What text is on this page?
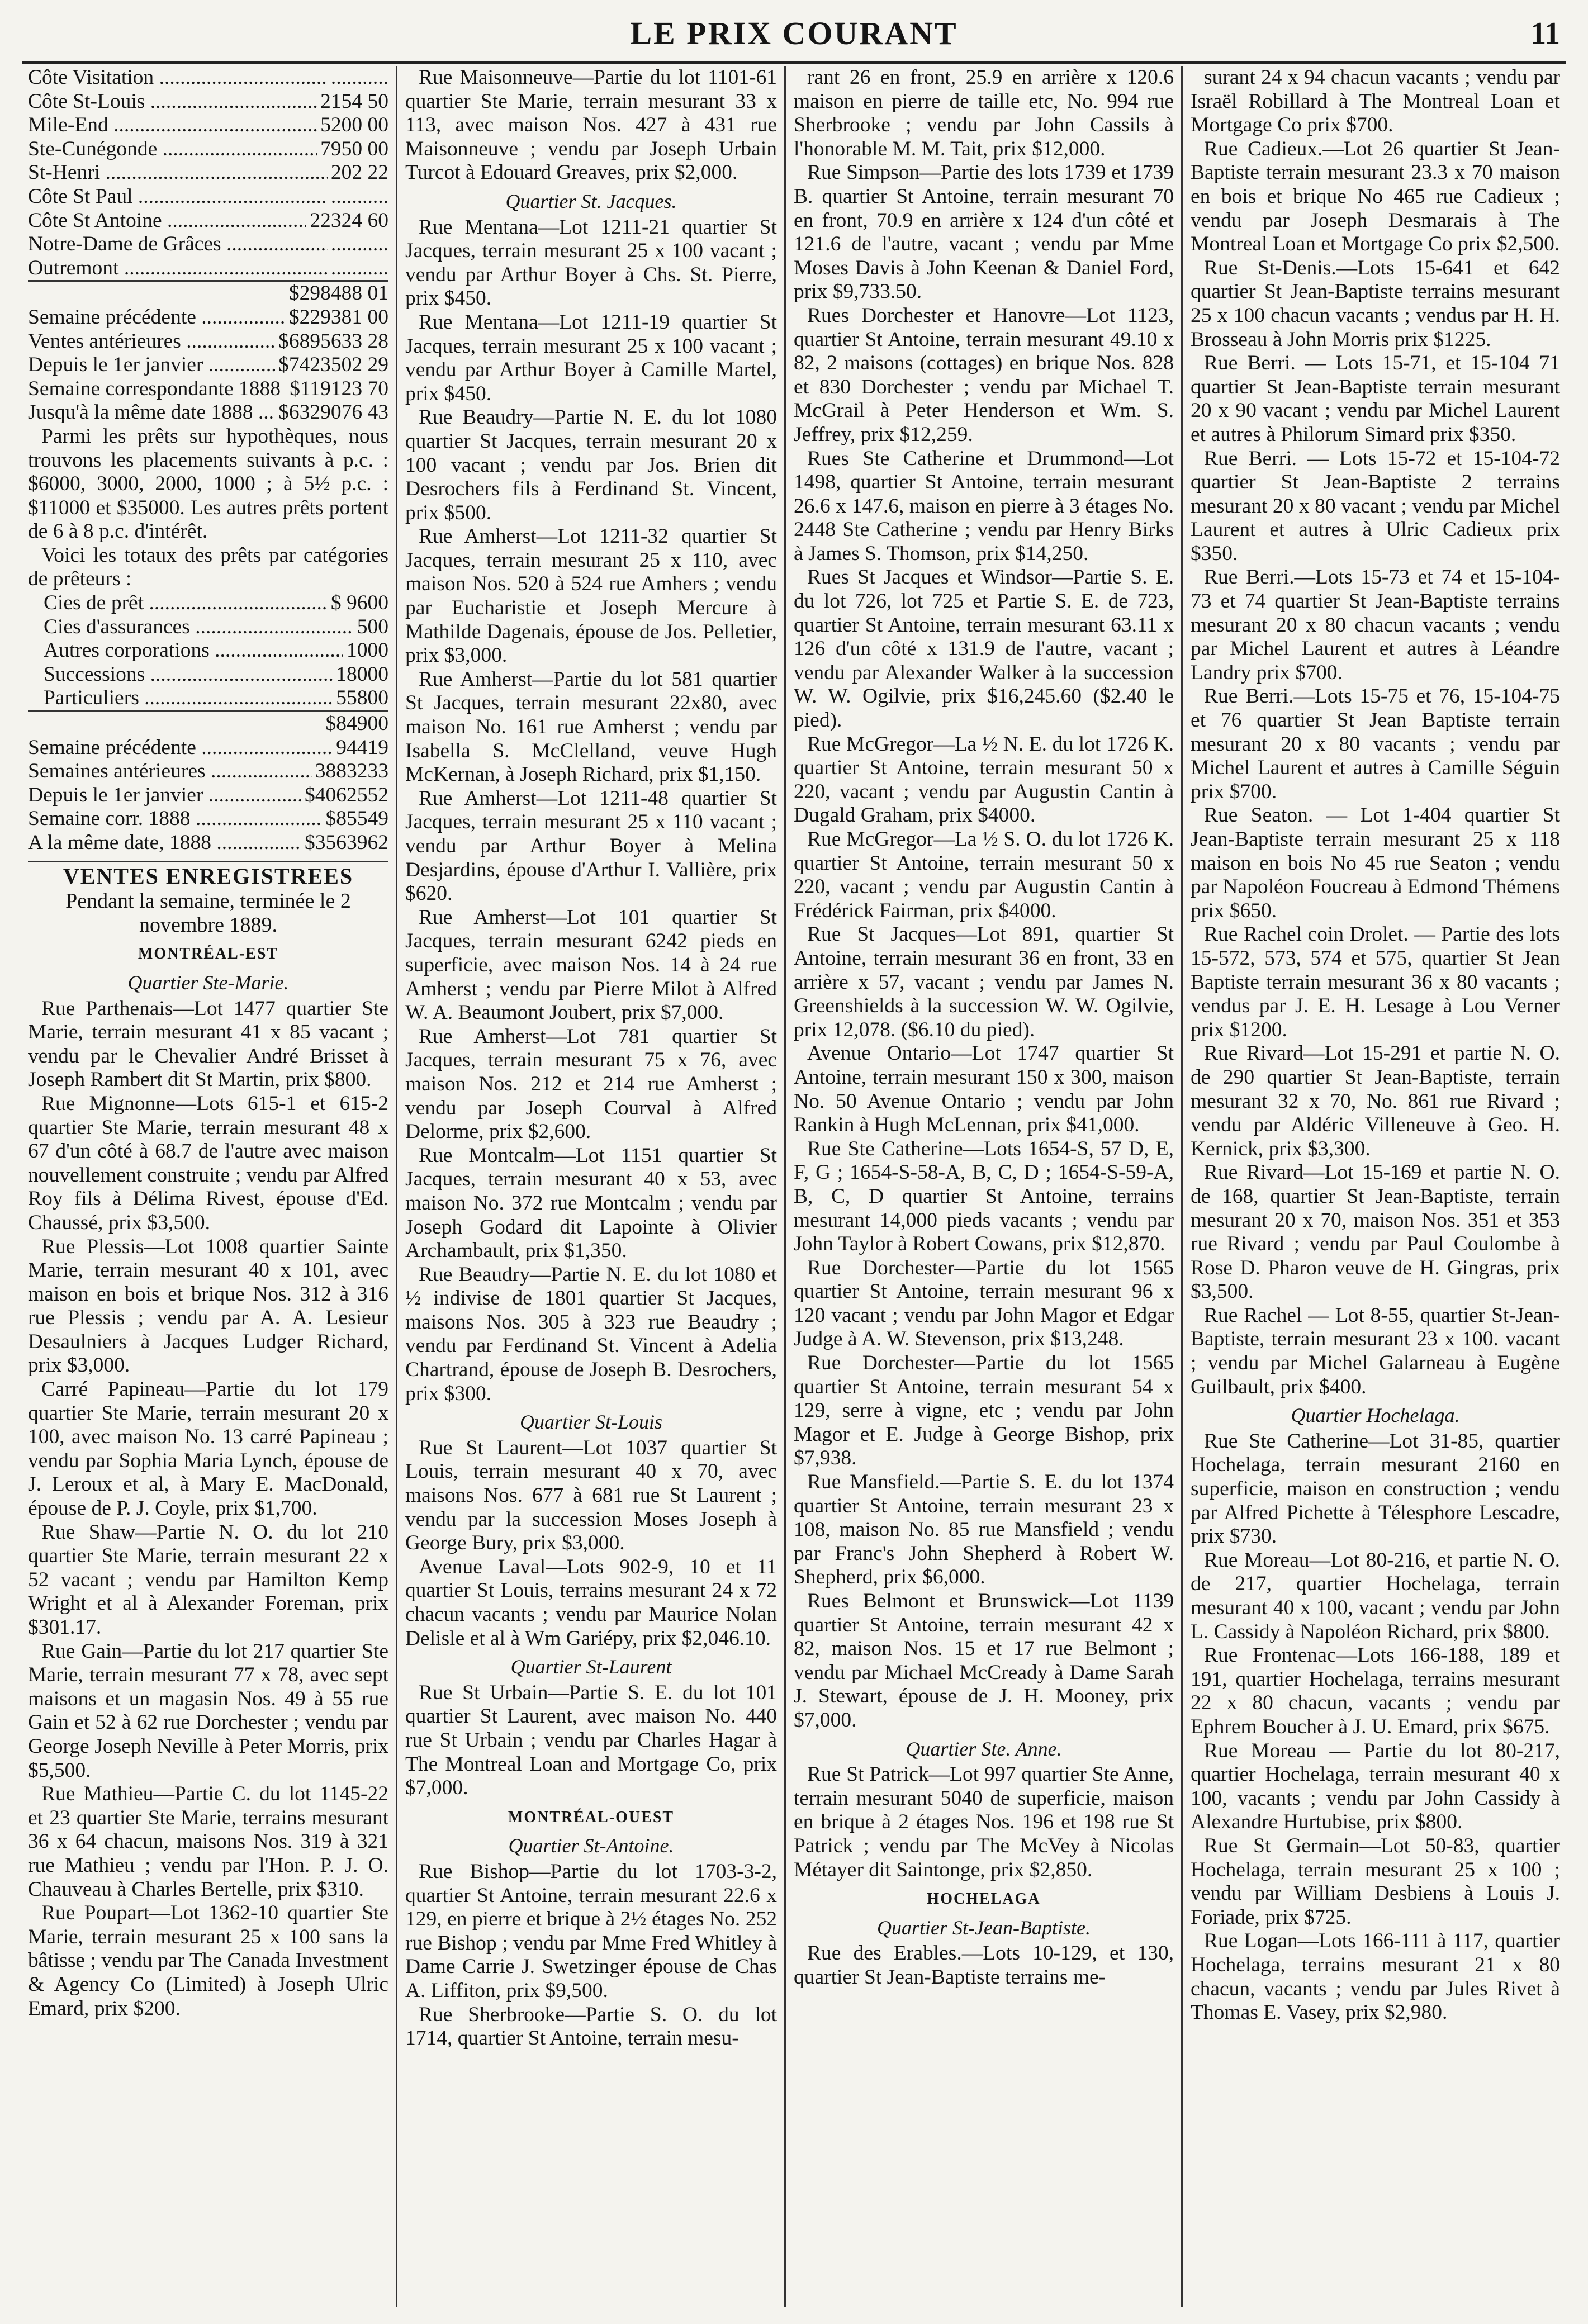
LE PRIX COURANT	11
Côte Visitation .....	...........
Côte St-Louis .....	2154 50
Mile-End .....	5200 00
Ste-Cunégonde .....	7950 00
St-Henri .....	202 22
Côte St Paul .....	...........
Côte St Antoine .....	22324 60
Notre-Dame de Grâces .....	...........
Outremont .....	...........
$298488 01
Semaine précédente .....	$229381 00
Ventes antérieures .....	$6895633 28
Depuis le 1er janvier .....	$7423502 29
Semaine correspondante 1888 ..... $119123 70
Jusqu'à la même date 1888 .....	$6329076 43

Parmi les prêts sur hypothèques, nous trouvons les placements suivants à p.c. : $6000, 3000, 2000, 1000 ; à 5½ p.c. : $11000 et $35000. Les autres prêts portent de 6 à 8 p.c. d'intérêt.

Voici les totaux des prêts par catégories de prêteurs :

Cies de prêt .....	$ 9600
Cies d'assurances .....	500
Autres corporations .....	1000
Successions .....	18000
Particuliers .....	55800
$84900
Semaine précédente .....	94419
Semaines antérieures .....	3883233
Depuis le 1er janvier .....	$4062552
Semaine corr. 1888 .....	$85549
A la même date, 1888 .....	$3563962
VENTES ENREGISTREES
Pendant la semaine, terminée le 2 novembre 1889.
MONTRÉAL-EST
Quartier Ste-Marie.

Rue Parthenais—Lot 1477 quartier Ste Marie, terrain mesurant 41 x 85 vacant ; vendu par le Chevalier André Brisset à Joseph Rambert dit St Martin, prix $800.

Rue Mignonne—Lots 615-1 et 615-2 quartier Ste Marie, terrain mesurant 48 x 67 d'un côté à 68.7 de l'autre avec maison nouvellement construite ; vendu par Alfred Roy fils à Délima Rivest, épouse d'Ed. Chaussé, prix $3,500.

Rue Plessis—Lot 1008 quartier Sainte Marie, terrain mesurant 40 x 101, avec maison en bois et brique Nos. 312 à 316 rue Plessis ; vendu par A. A. Lesieur Desaulniers à Jacques Ludger Richard, prix $3,000.

Carré Papineau—Partie du lot 179 quartier Ste Marie, terrain mesurant 20 x 100, avec maison No. 13 carré Papineau ; vendu par Sophia Maria Lynch, épouse de J. Leroux et al, à Mary E. MacDonald, épouse de P. J. Coyle, prix $1,700.

Rue Shaw—Partie N. O. du lot 210 quartier Ste Marie, terrain mesurant 22 x 52 vacant ; vendu par Hamilton Kemp Wright et al à Alexander Foreman, prix $301.17.

Rue Gain—Partie du lot 217 quartier Ste Marie, terrain mesurant 77 x 78, avec sept maisons et un magasin Nos. 49 à 55 rue Gain et 52 à 62 rue Dorchester ; vendu par George Joseph Neville à Peter Morris, prix $5,500.

Rue Mathieu—Partie C. du lot 1145-22 et 23 quartier Ste Marie, terrains mesurant 36 x 64 chacun, maisons Nos. 319 à 321 rue Mathieu ; vendu par l'Hon. P. J. O. Chauveau à Charles Bertelle, prix $310.

Rue Poupart—Lot 1362-10 quartier Ste Marie, terrain mesurant 25 x 100 sans la bâtisse ; vendu par The Canada Investment & Agency Co (Limited) à Joseph Ulric Emard, prix $200.

Rue Maisonneuve—Partie du lot 1101-61 quartier Ste Marie, terrain mesurant 33 x 113, avec maison Nos. 427 à 431 rue Maisonneuve ; vendu par Joseph Urbain Turcot à Edouard Greaves, prix $2,000.

Quartier St. Jacques.

Rue Mentana—Lot 1211-21 quartier St Jacques, terrain mesurant 25 x 100 vacant ; vendu par Arthur Boyer à Chs. St. Pierre, prix $450.

Rue Mentana—Lot 1211-19 quartier St Jacques, terrain mesurant 25 x 100 vacant ; vendu par Arthur Boyer à Camille Martel, prix $450.

Rue Beaudry—Partie N. E. du lot 1080 quartier St Jacques, terrain mesurant 20 x 100 vacant ; vendu par Jos. Brien dit Desrochers fils à Ferdinand St. Vincent, prix $500.

Rue Amherst—Lot 1211-32 quartier St Jacques, terrain mesurant 25 x 110, avec maison Nos. 520 à 524 rue Amhers ; vendu par Eucharistie et Joseph Mercure à Mathilde Dagenais, épouse de Jos. Pelletier, prix $3,000.

Rue Amherst—Partie du lot 581 quartier St Jacques, terrain mesurant 22x80, avec maison No. 161 rue Amherst ; vendu par Isabella S. McClelland, veuve Hugh McKernan, à Joseph Richard, prix $1,150.

Rue Amherst—Lot 1211-48 quartier St Jacques, terrain mesurant 25 x 110 vacant ; vendu par Arthur Boyer à Melina Desjardins, épouse d'Arthur I. Vallière, prix $620.

Rue Amherst—Lot 101 quartier St Jacques, terrain mesurant 6242 pieds en superficie, avec maison Nos. 14 à 24 rue Amherst ; vendu par Pierre Milot à Alfred W. A. Beaumont Joubert, prix $7,000.

Rue Amherst—Lot 781 quartier St Jacques, terrain mesurant 75 x 76, avec maison Nos. 212 et 214 rue Amherst ; vendu par Joseph Courval à Alfred Delorme, prix $2,600.

Rue Montcalm—Lot 1151 quartier St Jacques, terrain mesurant 40 x 53, avec maison No. 372 rue Montcalm ; vendu par Joseph Godard dit Lapointe à Olivier Archambault, prix $1,350.

Rue Beaudry—Partie N. E. du lot 1080 et ½ indivise de 1801 quartier St Jacques, maisons Nos. 305 à 323 rue Beaudry ; vendu par Ferdinand St. Vincent à Adelia Chartrand, épouse de Joseph B. Desrochers, prix $300.

Quartier St-Louis

Rue St Laurent—Lot 1037 quartier St Louis, terrain mesurant 40 x 70, avec maisons Nos. 677 à 681 rue St Laurent ; vendu par la succession Moses Joseph à George Bury, prix $3,000.

Avenue Laval—Lots 902-9, 10 et 11 quartier St Louis, terrains mesurant 24 x 72 chacun vacants ; vendu par Maurice Nolan Delisle et al à Wm Gariépy, prix $2,046.10.

Quartier St-Laurent

Rue St Urbain—Partie S. E. du lot 101 quartier St Laurent, avec maison No. 440 rue St Urbain ; vendu par Charles Hagar à The Montreal Loan and Mortgage Co, prix $7,000.

MONTRÉAL-OUEST
Quartier St-Antoine.

Rue Bishop—Partie du lot 1703-3-2, quartier St Antoine, terrain mesurant 22.6 x 129, en pierre et brique à 2½ étages No. 252 rue Bishop ; vendu par Mme Fred Whitley à Dame Carrie J. Swetzinger épouse de Chas A. Liffiton, prix $9,500.

Rue Sherbrooke—Partie S. O. du lot 1714, quartier St Antoine, terrain mesu-

rant 26 en front, 25.9 en arrière x 120.6 maison en pierre de taille etc, No. 994 rue Sherbrooke ; vendu par John Cassils à l'honorable M. M. Tait, prix $12,000.

Rue Simpson—Partie des lots 1739 et 1739 B. quartier St Antoine, terrain mesurant 70 en front, 70.9 en arrière x 124 d'un côté et 121.6 de l'autre, vacant ; vendu par Mme Moses Davis à John Keenan & Daniel Ford, prix $9,733.50.

Rues Dorchester et Hanovre—Lot 1123, quartier St Antoine, terrain mesurant 49.10 x 82, 2 maisons (cottages) en brique Nos. 828 et 830 Dorchester ; vendu par Michael T. McGrail à Peter Henderson et Wm. S. Jeffrey, prix $12,259.

Rues Ste Catherine et Drummond—Lot 1498, quartier St Antoine, terrain mesurant 26.6 x 147.6, maison en pierre à 3 étages No. 2448 Ste Catherine ; vendu par Henry Birks à James S. Thomson, prix $14,250.

Rues St Jacques et Windsor—Partie S. E. du lot 726, lot 725 et Partie S. E. de 723, quartier St Antoine, terrain mesurant 63.11 x 126 d'un côté x 131.9 de l'autre, vacant ; vendu par Alexander Walker à la succession W. W. Ogilvie, prix $16,245.60 ($2.40 le pied).

Rue McGregor—La ½ N. E. du lot 1726 K. quartier St Antoine, terrain mesurant 50 x 220, vacant ; vendu par Augustin Cantin à Dugald Graham, prix $4000.

Rue McGregor—La ½ S. O. du lot 1726 K. quartier St Antoine, terrain mesurant 50 x 220, vacant ; vendu par Augustin Cantin à Frédérick Fairman, prix $4000.

Rue St Jacques—Lot 891, quartier St Antoine, terrain mesurant 36 en front, 33 en arrière x 57, vacant ; vendu par James N. Greenshields à la succession W. W. Ogilvie, prix 12,078. ($6.10 du pied).

Avenue Ontario—Lot 1747 quartier St Antoine, terrain mesurant 150 x 300, maison No. 50 Avenue Ontario ; vendu par John Rankin à Hugh McLennan, prix $41,000.

Rue Ste Catherine—Lots 1654-S, 57 D, E, F, G ; 1654-S-58-A, B, C, D ; 1654-S-59-A, B, C, D quartier St Antoine, terrains mesurant 14,000 pieds vacants ; vendu par John Taylor à Robert Cowans, prix $12,870.

Rue Dorchester—Partie du lot 1565 quartier St Antoine, terrain mesurant 96 x 120 vacant ; vendu par John Magor et Edgar Judge à A. W. Stevenson, prix $13,248.

Rue Dorchester—Partie du lot 1565 quartier St Antoine, terrain mesurant 54 x 129, serre à vigne, etc ; vendu par John Magor et E. Judge à George Bishop, prix $7,938.

Rue Mansfield.—Partie S. E. du lot 1374 quartier St Antoine, terrain mesurant 23 x 108, maison No. 85 rue Mansfield ; vendu par Franc's John Shepherd à Robert W. Shepherd, prix $6,000.

Rues Belmont et Brunswick—Lot 1139 quartier St Antoine, terrain mesurant 42 x 82, maison Nos. 15 et 17 rue Belmont ; vendu par Michael McCready à Dame Sarah J. Stewart, épouse de J. H. Mooney, prix $7,000.

Quartier Ste. Anne.

Rue St Patrick—Lot 997 quartier Ste Anne, terrain mesurant 5040 de superficie, maison en brique à 2 étages Nos. 196 et 198 rue St Patrick ; vendu par The McVey à Nicolas Métayer dit Saintonge, prix $2,850.

HOCHELAGA
Quartier St-Jean-Baptiste.

Rue des Erables.—Lots 10-129, et 130, quartier St Jean-Baptiste terrains me-

surant 24 x 94 chacun vacants ; vendu par Israël Robillard à The Montreal Loan et Mortgage Co prix $700.

Rue Cadieux.—Lot 26 quartier St Jean-Baptiste terrain mesurant 23.3 x 70 maison en bois et brique No 465 rue Cadieux ; vendu par Joseph Desmarais à The Montreal Loan et Mortgage Co prix $2,500.

Rue St-Denis.—Lots 15-641 et 642 quartier St Jean-Baptiste terrains mesurant 25 x 100 chacun vacants ; vendus par H. H. Brosseau à John Morris prix $1225.

Rue Berri. — Lots 15-71, et 15-104 71 quartier St Jean-Baptiste terrain mesurant 20 x 90 vacant ; vendu par Michel Laurent et autres à Philorum Simard prix $350.

Rue Berri. — Lots 15-72 et 15-104-72 quartier St Jean-Baptiste 2 terrains mesurant 20 x 80 vacant ; vendu par Michel Laurent et autres à Ulric Cadieux prix $350.

Rue Berri.—Lots 15-73 et 74 et 15-104-73 et 74 quartier St Jean-Baptiste terrains mesurant 20 x 80 chacun vacants ; vendu par Michel Laurent et autres à Léandre Landry prix $700.

Rue Berri.—Lots 15-75 et 76, 15-104-75 et 76 quartier St Jean Baptiste terrain mesurant 20 x 80 vacants ; vendu par Michel Laurent et autres à Camille Séguin prix $700.

Rue Seaton. — Lot 1-404 quartier St Jean-Baptiste terrain mesurant 25 x 118 maison en bois No 45 rue Seaton ; vendu par Napoléon Foucreau à Edmond Thémens prix $650.

Rue Rachel coin Drolet. — Partie des lots 15-572, 573, 574 et 575, quartier St Jean Baptiste terrain mesurant 36 x 80 vacants ; vendus par J. E. H. Lesage à Lou Verner prix $1200.

Rue Rivard—Lot 15-291 et partie N. O. de 290 quartier St Jean-Baptiste, terrain mesurant 32 x 70, No. 861 rue Rivard ; vendu par Aldéric Villeneuve à Geo. H. Kernick, prix $3,300.

Rue Rivard—Lot 15-169 et partie N. O. de 168, quartier St Jean-Baptiste, terrain mesurant 20 x 70, maison Nos. 351 et 353 rue Rivard ; vendu par Paul Coulombe à Rose D. Pharon veuve de H. Gingras, prix $3,500.

Rue Rachel — Lot 8-55, quartier St-Jean-Baptiste, terrain mesurant 23 x 100. vacant ; vendu par Michel Galarneau à Eugène Guilbault, prix $400.

Quartier Hochelaga.

Rue Ste Catherine—Lot 31-85, quartier Hochelaga, terrain mesurant 2160 en superficie, maison en construction ; vendu par Alfred Pichette à Télesphore Lescadre, prix $730.

Rue Moreau—Lot 80-216, et partie N. O. de 217, quartier Hochelaga, terrain mesurant 40 x 100, vacant ; vendu par John L. Cassidy à Napoléon Richard, prix $800.

Rue Frontenac—Lots 166-188, 189 et 191, quartier Hochelaga, terrains mesurant 22 x 80 chacun, vacants ; vendu par Ephrem Boucher à J. U. Emard, prix $675.

Rue Moreau — Partie du lot 80-217, quartier Hochelaga, terrain mesurant 40 x 100, vacants ; vendu par John Cassidy à Alexandre Hurtubise, prix $800.

Rue St Germain—Lot 50-83, quartier Hochelaga, terrain mesurant 25 x 100 ; vendu par William Desbiens à Louis J. Foriade, prix $725.

Rue Logan—Lots 166-111 à 117, quartier Hochelaga, terrains mesurant 21 x 80 chacun, vacants ; vendu par Jules Rivet à Thomas E. Vasey, prix $2,980.
